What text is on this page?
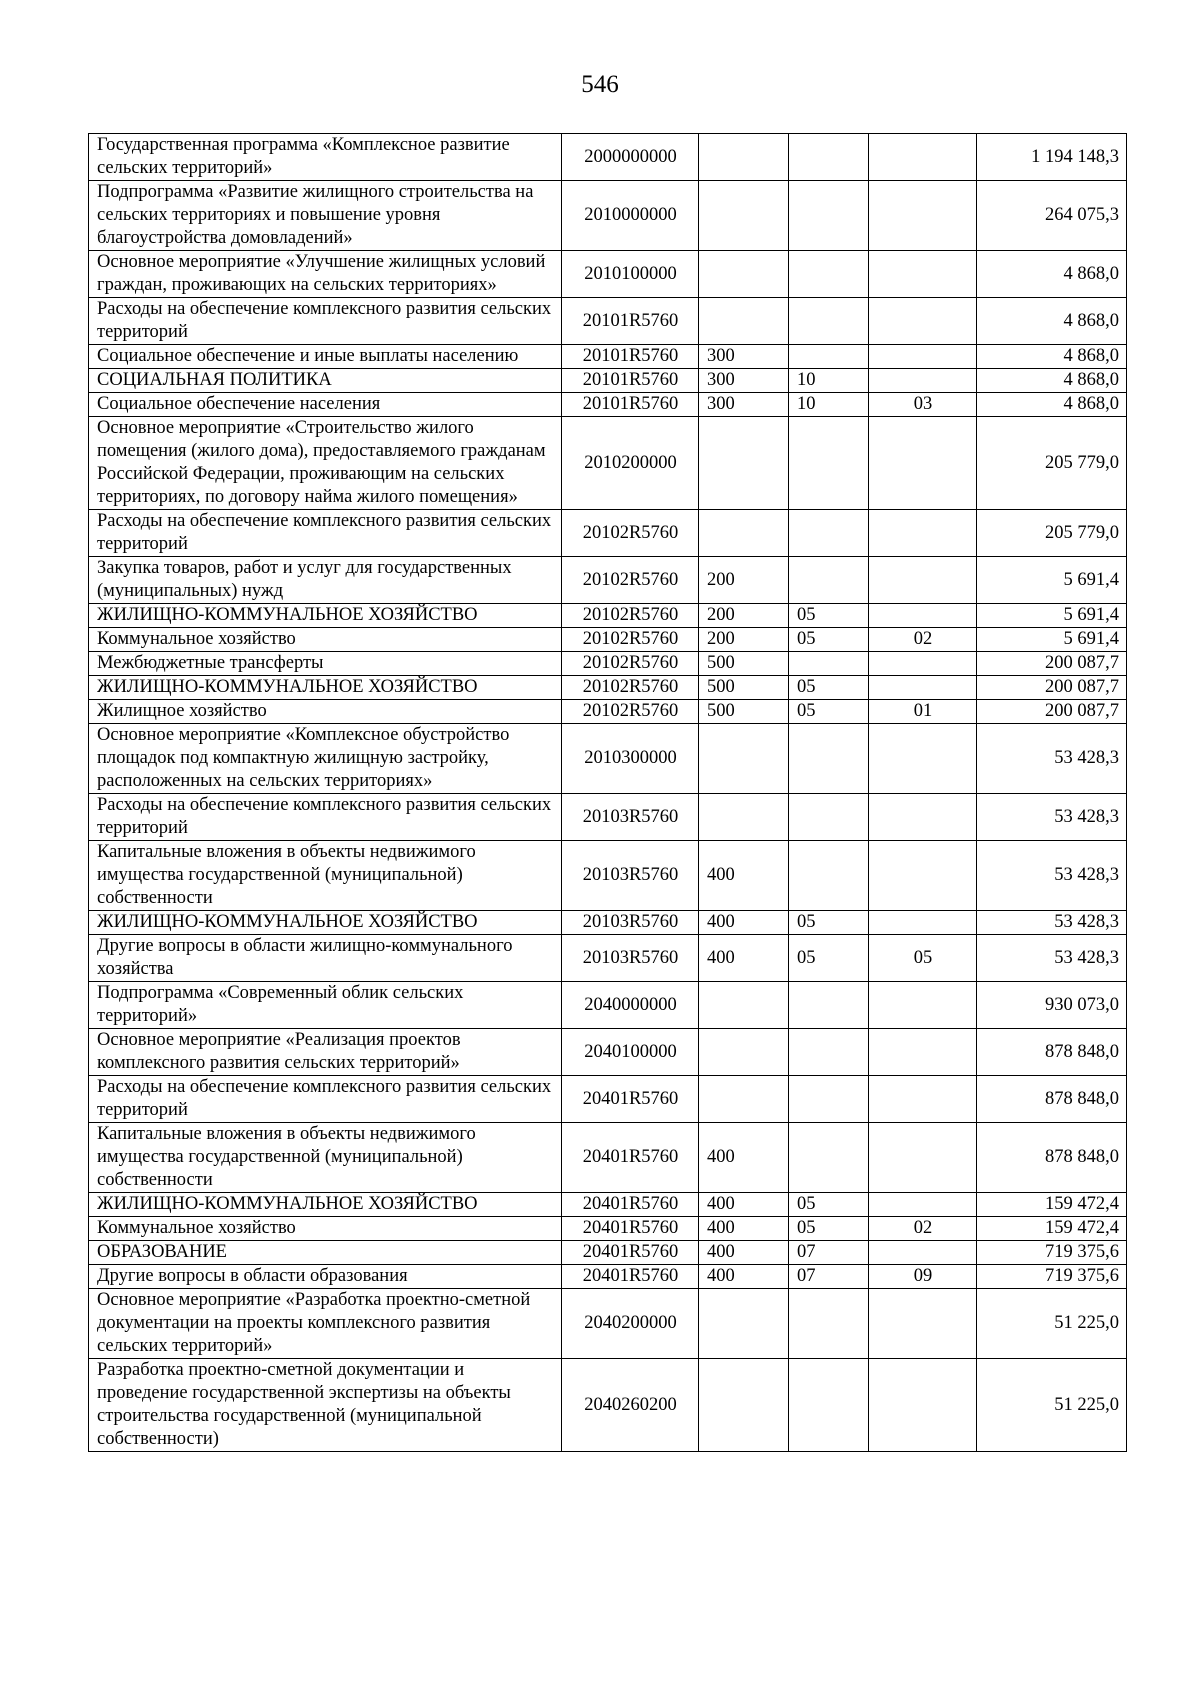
546
Государственная программа «Комплексное развитие сельских территорий»	2000000000				1 194 148,3
Подпрограмма «Развитие жилищного строительства на сельских территориях и повышение уровня благоустройства домовладений»	2010000000				264 075,3
Основное мероприятие «Улучшение жилищных условий граждан, проживающих на сельских территориях»	2010100000				4 868,0
Расходы на обеспечение комплексного развития сельских территорий	20101R5760				4 868,0
Социальное обеспечение и иные выплаты населению	20101R5760	300			4 868,0
СОЦИАЛЬНАЯ ПОЛИТИКА	20101R5760	300	10		4 868,0
Социальное обеспечение населения	20101R5760	300	10	03	4 868,0
Основное мероприятие «Строительство жилого помещения (жилого дома), предоставляемого гражданам Российской Федерации, проживающим на сельских территориях, по договору найма жилого помещения»	2010200000				205 779,0
Расходы на обеспечение комплексного развития сельских территорий	20102R5760				205 779,0
Закупка товаров, работ и услуг для государственных (муниципальных) нужд	20102R5760	200			5 691,4
ЖИЛИЩНО-КОММУНАЛЬНОЕ ХОЗЯЙСТВО	20102R5760	200	05		5 691,4
Коммунальное хозяйство	20102R5760	200	05	02	5 691,4
Межбюджетные трансферты	20102R5760	500			200 087,7
ЖИЛИЩНО-КОММУНАЛЬНОЕ ХОЗЯЙСТВО	20102R5760	500	05		200 087,7
Жилищное хозяйство	20102R5760	500	05	01	200 087,7
Основное мероприятие «Комплексное обустройство площадок под компактную жилищную застройку, расположенных на сельских территориях»	2010300000				53 428,3
Расходы на обеспечение комплексного развития сельских территорий	20103R5760				53 428,3
Капитальные вложения в объекты недвижимого имущества государственной (муниципальной) собственности	20103R5760	400			53 428,3
ЖИЛИЩНО-КОММУНАЛЬНОЕ ХОЗЯЙСТВО	20103R5760	400	05		53 428,3
Другие вопросы в области жилищно-коммунального хозяйства	20103R5760	400	05	05	53 428,3
Подпрограмма «Современный облик сельских территорий»	2040000000				930 073,0
Основное мероприятие «Реализация проектов комплексного развития сельских территорий»	2040100000				878 848,0
Расходы на обеспечение комплексного развития сельских территорий	20401R5760				878 848,0
Капитальные вложения в объекты недвижимого имущества государственной (муниципальной) собственности	20401R5760	400			878 848,0
ЖИЛИЩНО-КОММУНАЛЬНОЕ ХОЗЯЙСТВО	20401R5760	400	05		159 472,4
Коммунальное хозяйство	20401R5760	400	05	02	159 472,4
ОБРАЗОВАНИЕ	20401R5760	400	07		719 375,6
Другие вопросы в области образования	20401R5760	400	07	09	719 375,6
Основное мероприятие «Разработка проектно-сметной документации на проекты комплексного развития сельских территорий»	2040200000				51 225,0
Разработка проектно-сметной документации и проведение государственной экспертизы на объекты строительства государственной (муниципальной собственности)	2040260200				51 225,0
